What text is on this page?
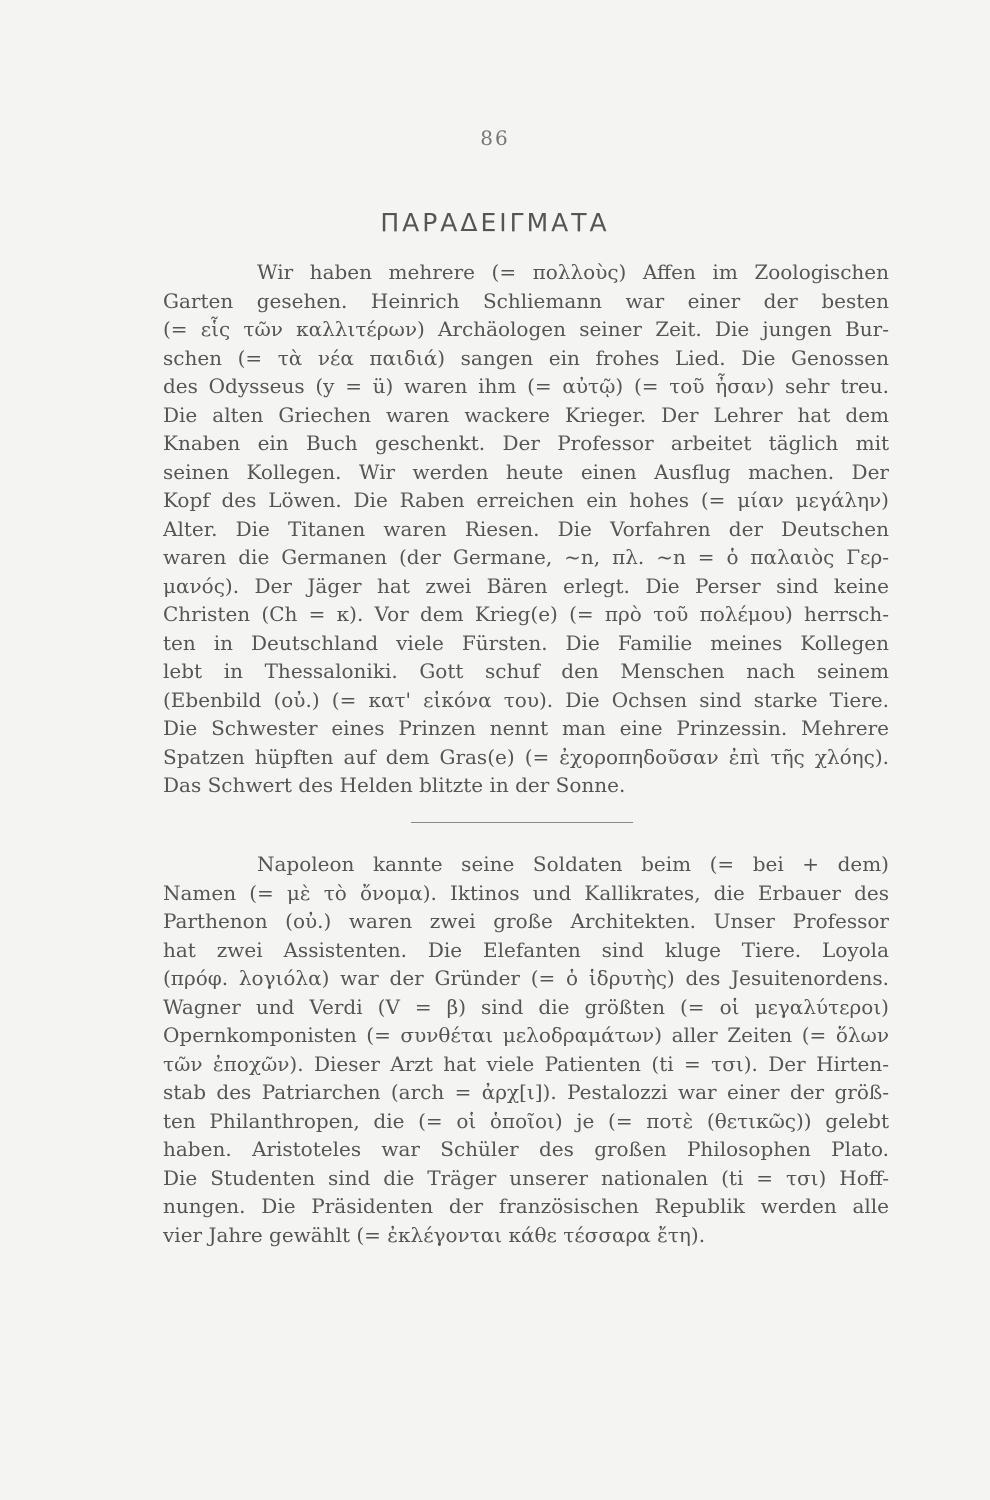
86
ΠΑΡΑΔΕΙΓΜΑΤΑ
Wir haben mehrere (= πολλοὺς) Affen im Zoologischen
Garten gesehen. Heinrich Schliemann war einer der besten
(= εἷς τῶν καλλιτέρων) Archäologen seiner Zeit. Die jungen Bur-
schen (= τὰ νέα παιδιά) sangen ein frohes Lied. Die Genossen
des Odysseus (y = ü) waren ihm (= αὐτῷ) (= τοῦ ἦσαν) sehr treu.
Die alten Griechen waren wackere Krieger. Der Lehrer hat dem
Knaben ein Buch geschenkt. Der Professor arbeitet täglich mit
seinen Kollegen. Wir werden heute einen Ausflug machen. Der
Kopf des Löwen. Die Raben erreichen ein hohes (= μίαν μεγάλην)
Alter. Die Titanen waren Riesen. Die Vorfahren der Deutschen
waren die Germanen (der Germane, ~n, πλ. ~n = ὁ παλαιὸς Γερ-
μανός). Der Jäger hat zwei Bären erlegt. Die Perser sind keine
Christen (Ch = κ). Vor dem Krieg(e) (= πρὸ τοῦ πολέμου) herrsch-
ten in Deutschland viele Fürsten. Die Familie meines Kollegen
lebt in Thessaloniki. Gott schuf den Menschen nach seinem
(Ebenbild (οὐ.) (= κατ' εἰκόνα του). Die Ochsen sind starke Tiere.
Die Schwester eines Prinzen nennt man eine Prinzessin. Mehrere
Spatzen hüpften auf dem Gras(e) (= ἐχοροπηδοῦσαν ἐπὶ τῆς χλόης).
Das Schwert des Helden blitzte in der Sonne.
Napoleon kannte seine Soldaten beim (= bei + dem)
Namen (= μὲ τὸ ὄνομα). Iktinos und Kallikrates, die Erbauer des
Parthenon (οὐ.) waren zwei große Architekten. Unser Professor
hat zwei Assistenten. Die Elefanten sind kluge Tiere. Loyola
(πρόφ. λογιόλα) war der Gründer (= ὁ ἱδρυτὴς) des Jesuitenordens.
Wagner und Verdi (V = β) sind die größten (= οἱ μεγαλύτεροι)
Opernkomponisten (= συνθέται μελοδραμάτων) aller Zeiten (= ὅλων
τῶν ἐποχῶν). Dieser Arzt hat viele Patienten (ti = τσι). Der Hirten-
stab des Patriarchen (arch = ἀρχ[ι]). Pestalozzi war einer der größ-
ten Philanthropen, die (= οἱ ὁποῖοι) je (= ποτὲ (θετικῶς)) gelebt
haben. Aristoteles war Schüler des großen Philosophen Plato.
Die Studenten sind die Träger unserer nationalen (ti = τσι) Hoff-
nungen. Die Präsidenten der französischen Republik werden alle
vier Jahre gewählt (= ἐκλέγονται κάθε τέσσαρα ἔτη).
